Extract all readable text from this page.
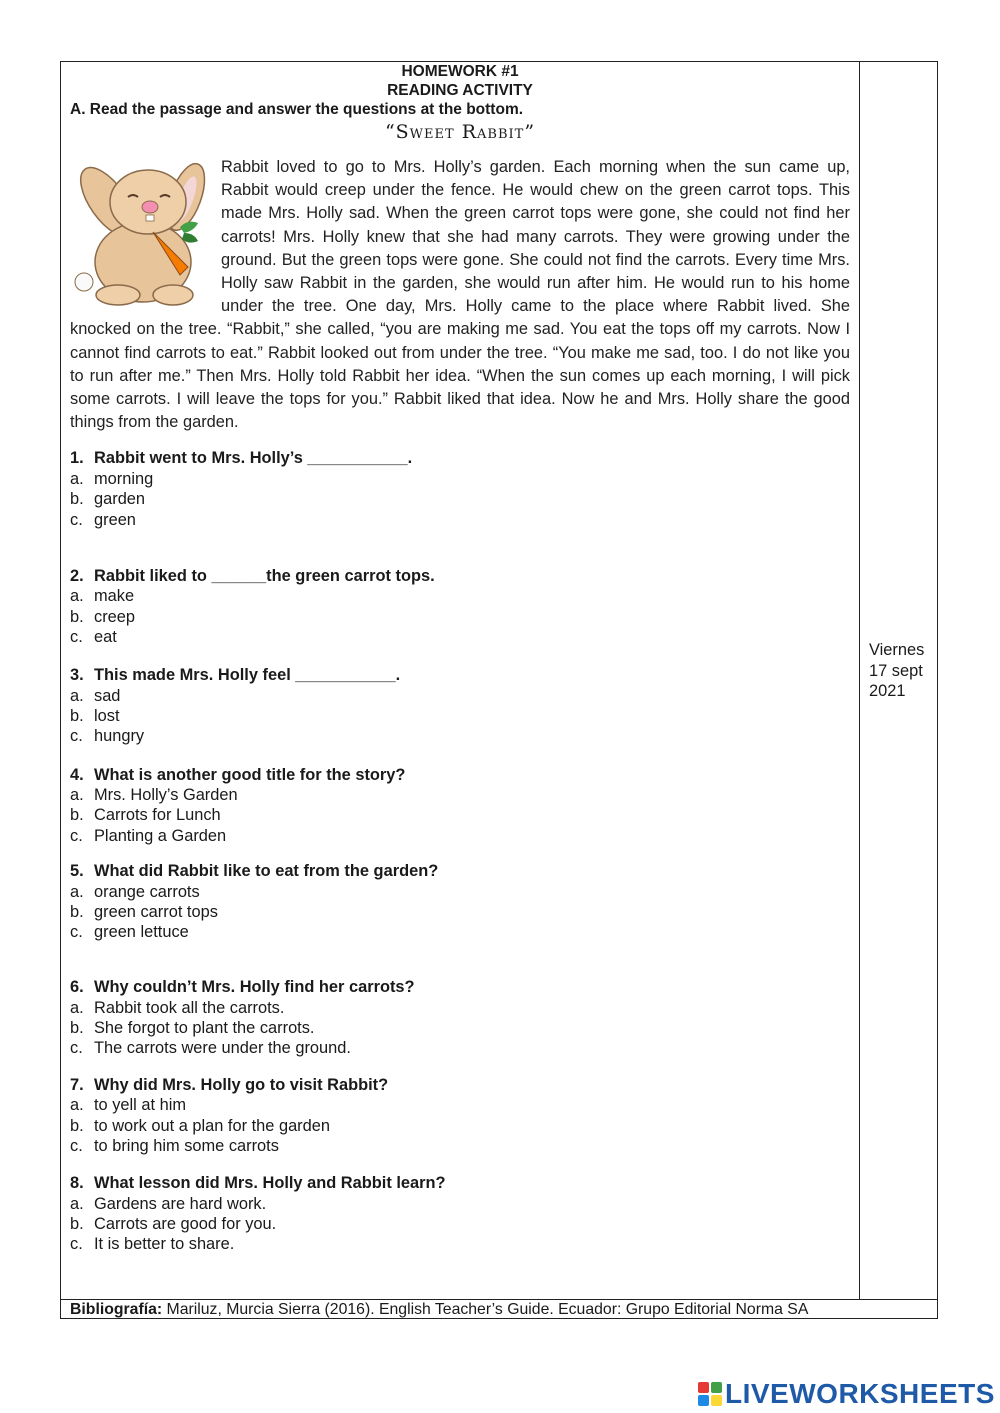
HOMEWORK #1
READING ACTIVITY
A. Read the passage and answer the questions at the bottom.
“Sweet Rabbit”
Rabbit loved to go to Mrs. Holly’s garden. Each morning when the sun came up, Rabbit would creep under the fence. He would chew on the green carrot tops. This made Mrs. Holly sad. When the green carrot tops were gone, she could not find her carrots! Mrs. Holly knew that she had many carrots. They were growing under the ground. But the green tops were gone. She could not find the carrots. Every time Mrs. Holly saw Rabbit in the garden, she would run after him. He would run to his home under the tree. One day, Mrs. Holly came to the place where Rabbit lived. She knocked on the tree. “Rabbit,” she called, “you are making me sad. You eat the tops off my carrots. Now I cannot find carrots to eat.” Rabbit looked out from under the tree. “You make me sad, too. I do not like you to run after me.” Then Mrs. Holly told Rabbit her idea. “When the sun comes up each morning, I will pick some carrots. I will leave the tops for you.” Rabbit liked that idea. Now he and Mrs. Holly share the good things from the garden.
1. Rabbit went to Mrs. Holly’s ___________.
a. morning
b. garden
c. green
2. Rabbit liked to ______the green carrot tops.
a. make
b. creep
c. eat
3. This made Mrs. Holly feel ___________.
a. sad
b. lost
c. hungry
4. What is another good title for the story?
a. Mrs. Holly’s Garden
b. Carrots for Lunch
c. Planting a Garden
5. What did Rabbit like to eat from the garden?
a. orange carrots
b. green carrot tops
c. green lettuce
6. Why couldn’t Mrs. Holly find her carrots?
a. Rabbit took all the carrots.
b. She forgot to plant the carrots.
c. The carrots were under the ground.
7. Why did Mrs. Holly go to visit Rabbit?
a. to yell at him
b. to work out a plan for the garden
c. to bring him some carrots
8. What lesson did Mrs. Holly and Rabbit learn?
a. Gardens are hard work.
b. Carrots are good for you.
c. It is better to share.
Viernes
17 sept
2021
Bibliografía: Mariluz, Murcia Sierra (2016). English Teacher’s Guide. Ecuador: Grupo Editorial Norma SA
LIVEWORKSHEETS
